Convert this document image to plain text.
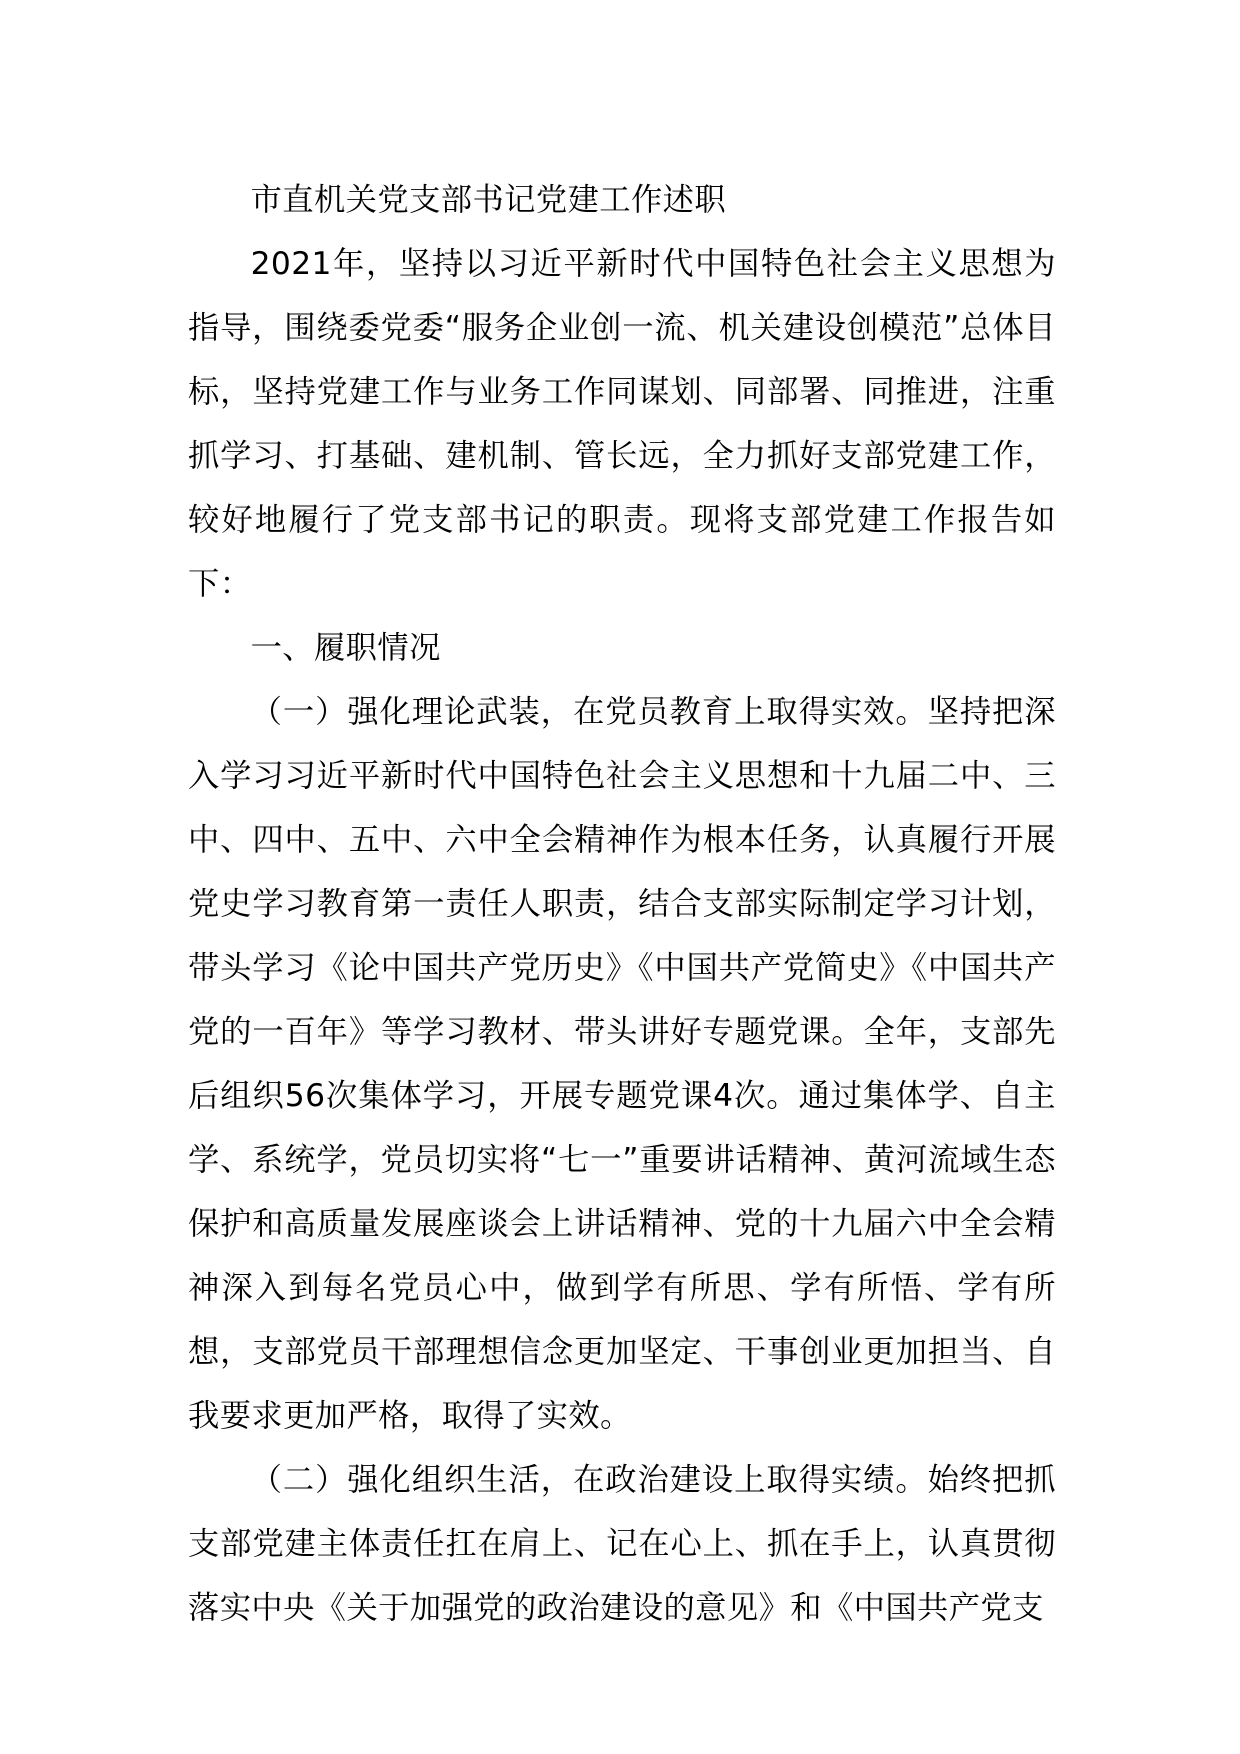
市直机关党支部书记党建工作述职

2021年，坚持以习近平新时代中国特色社会主义思想为指导，围绕委党委“服务企业创一流、机关建设创模范”总体目标，坚持党建工作与业务工作同谋划、同部署、同推进，注重抓学习、打基础、建机制、管长远，全力抓好支部党建工作，较好地履行了党支部书记的职责。现将支部党建工作报告如下：

一、履职情况

（一）强化理论武装，在党员教育上取得实效。坚持把深入学习习近平新时代中国特色社会主义思想和十九届二中、三中、四中、五中、六中全会精神作为根本任务，认真履行开展党史学习教育第一责任人职责，结合支部实际制定学习计划，带头学习《论中国共产党历史》《中国共产党简史》《中国共产党的一百年》等学习教材、带头讲好专题党课。全年，支部先后组织56次集体学习，开展专题党课4次。通过集体学、自主学、系统学，党员切实将“七一”重要讲话精神、黄河流域生态保护和高质量发展座谈会上讲话精神、党的十九届六中全会精神深入到每名党员心中，做到学有所思、学有所悟、学有所想，支部党员干部理想信念更加坚定、干事创业更加担当、自我要求更加严格，取得了实效。

（二）强化组织生活，在政治建设上取得实绩。始终把抓支部党建主体责任扛在肩上、记在心上、抓在手上，认真贯彻落实中央《关于加强党的政治建设的意见》和《中国共产党支
